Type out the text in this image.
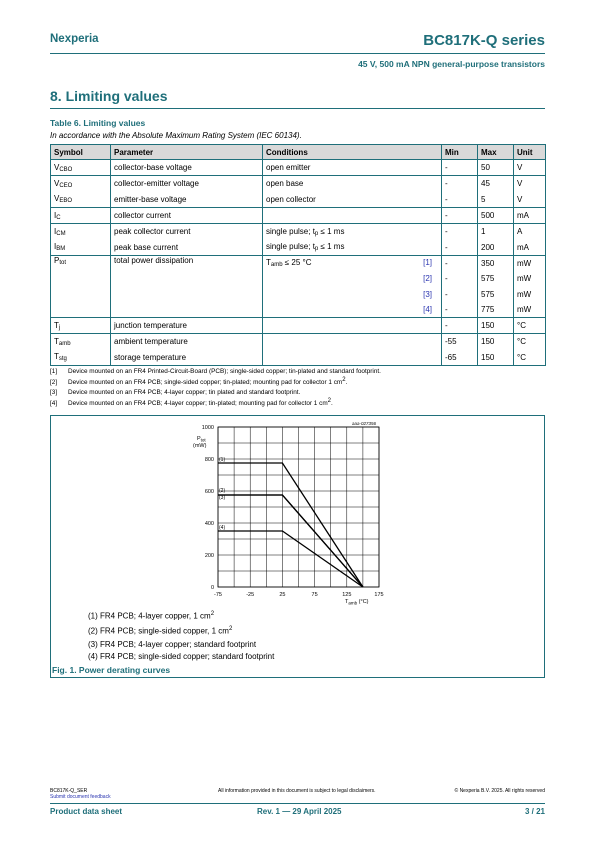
Nexperia	BC817K-Q series
45 V, 500 mA NPN general-purpose transistors
8. Limiting values
Table 6. Limiting values
In accordance with the Absolute Maximum Rating System (IEC 60134).
Symbol	Parameter	Conditions	Min	Max	Unit
$V_{CBO}$	collector-base voltage	open emitter	-	50	V
$V_{CEO}$	collector-emitter voltage	open base	-	45	V
$V_{EBO}$	emitter-base voltage	open collector	-	5	V
$I_C$	collector current		-	500	mA
$I_{CM}$	peak collector current	single pulse; $t_p \le 1$ ms	-	1	A
$I_{BM}$	peak base current	single pulse; $t_p \le 1$ ms	-	200	mA
$P_{tot}$	total power dissipation	$T_{amb} \le 25$ °C [1]	-	350	mW

		[2]	-	575	mW

		[3]	-	575	mW

		[4]	-	775	mW
$T_j$	junction temperature		-	150	°C
$T_{amb}$	ambient temperature		-55	150	°C
$T_{stg}$	storage temperature		-65	150	°C
[1] Device mounted on an FR4 Printed-Circuit-Board (PCB); single-sided copper; tin-plated and standard footprint.
[2] Device mounted on an FR4 PCB; single-sided copper; tin-plated; mounting pad for collector 1 $cm^2$.
[3] Device mounted on an FR4 PCB; 4-layer copper; tin plated and standard footprint.
[4] Device mounted on an FR4 PCB; 4-layer copper; tin-plated; mounting pad for collector 1 $cm^2$.
-75	-25	25	75	125	175
0
200
400
600
800
1000
$P_{tot}$
(mW)
$T_{amb}$ (°C)
aaa-027356
(1)
(2)
(3)
(4)
(1) FR4 PCB; 4-layer copper, 1 $cm^2$
(2) FR4 PCB; single-sided copper, 1 $cm^2$
(3) FR4 PCB; 4-layer copper; standard footprint
(4) FR4 PCB; single-sided copper; standard footprint
Fig. 1. Power derating curves
BC817K-Q_SER
Submit document feedback
All information provided in this document is subject to legal disclaimers.	© Nexperia B.V. 2025. All rights reserved
Product data sheet	Rev. 1 — 29 April 2025	3 / 21
